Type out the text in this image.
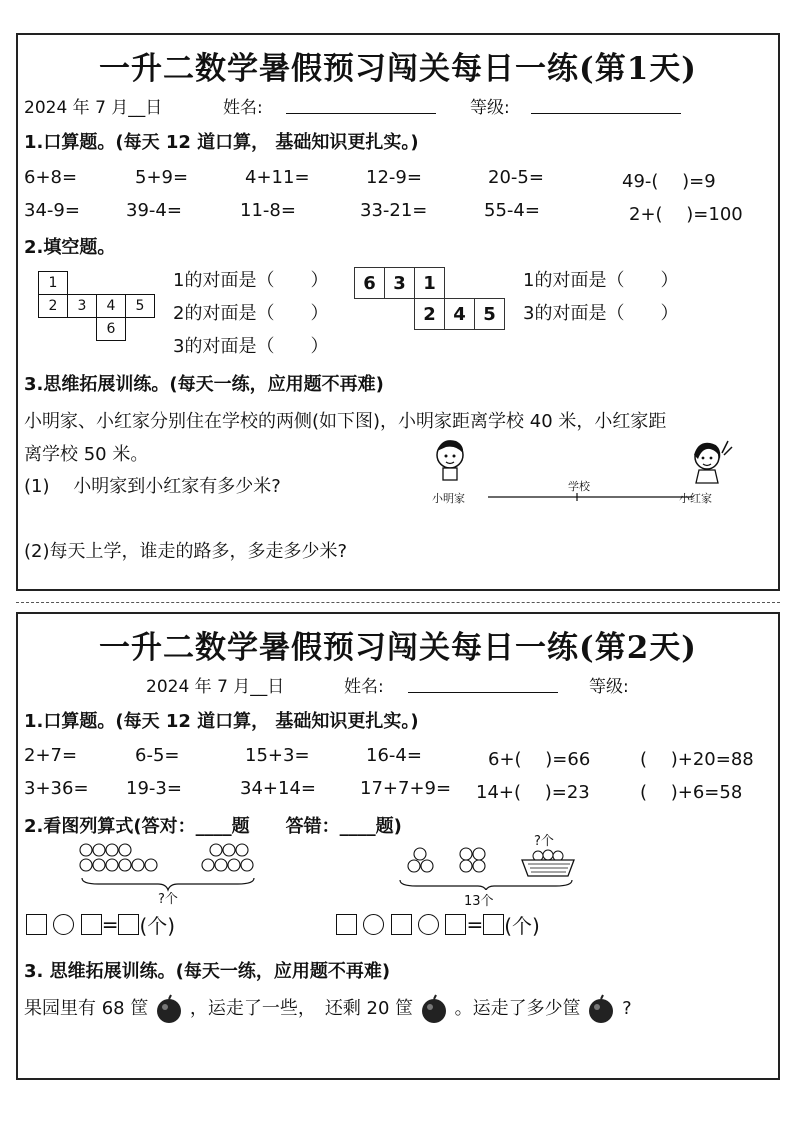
一升二数学暑假预习闯关每日一练(第1天)
2024 年 7 月__日	姓名:	等级:
1.口算题。(每天 12 道口算， 基础知识更扎实。)
6+8=	5+9=	4+11=	12-9=	20-5=	49-(　 )=9
34-9=	39-4=	11-8=	33-21=	55-4=	2+(　 )=100
2.填空题。
1			
2	3	4	5
		6	
1的对面是（　　）
2的对面是（　　）
3的对面是（　　）
6	3	1		
		2	4	5
1的对面是（　　）
3的对面是（　　）
3.思维拓展训练。(每天一练，应用题不再难)
小明家、小红家分别住在学校的两侧(如下图)，小明家距离学校 40 米，小红家距
离学校 50 米。
(1)　 小明家到小红家有多少米?
(2)每天上学，谁走的路多，多走多少米?
小明家
学校
小红家
一升二数学暑假预习闯关每日一练(第2天)
2024 年 7 月__日	姓名:	等级:
1.口算题。(每天 12 道口算， 基础知识更扎实。)
2+7=	6-5=	15+3=	16-4=	6+(　 )=66	(　 )+20=88
3+36= 19-3=	34+14= 17+7+9= 14+(　 )=23	(　 )+6=58
2.看图列算式(答对：____题　　答错：____题)
?个
?个
13个
= (个)	= (个)
3. 思维拓展训练。(每天一练，应用题不再难)
果园里有 68 筐 ，运走了一些，　还剩 20 筐 。运走了多少筐 ?
